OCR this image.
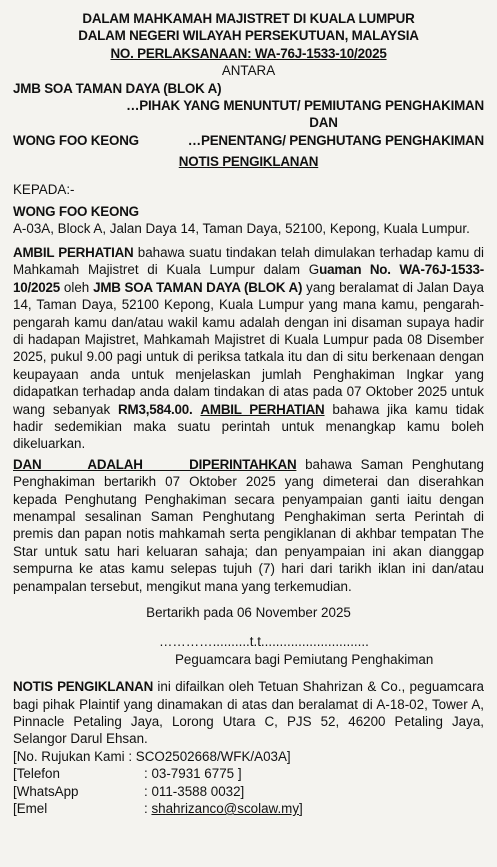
DALAM MAHKAMAH MAJISTRET DI KUALA LUMPUR
DALAM NEGERI WILAYAH PERSEKUTUAN, MALAYSIA
NO. PERLAKSANAAN: WA-76J-1533-10/2025
ANTARA
JMB SOA TAMAN DAYA (BLOK A)
…PIHAK YANG MENUNTUT/ PEMIUTANG PENGHAKIMAN
DAN
WONG FOO KEONG	…PENENTANG/ PENGHUTANG PENGHAKIMAN
NOTIS PENGIKLANAN
KEPADA:-
WONG FOO KEONG
A-03A, Block A, Jalan Daya 14, Taman Daya, 52100, Kepong, Kuala Lumpur.
AMBIL PERHATIAN bahawa suatu tindakan telah dimulakan terhadap kamu di Mahkamah Majistret di Kuala Lumpur dalam Guaman No. WA-76J-1533-10/2025 oleh JMB SOA TAMAN DAYA (BLOK A) yang beralamat di Jalan Daya 14, Taman Daya, 52100 Kepong, Kuala Lumpur yang mana kamu, pengarah-pengarah kamu dan/atau wakil kamu adalah dengan ini disaman supaya hadir di hadapan Majistret, Mahkamah Majistret di Kuala Lumpur pada 08 Disember 2025, pukul 9.00 pagi untuk di periksa tatkala itu dan di situ berkenaan dengan keupayaan anda untuk menjelaskan jumlah Penghakiman Ingkar yang didapatkan terhadap anda dalam tindakan di atas pada 07 Oktober 2025 untuk wang sebanyak RM3,584.00. AMBIL PERHATIAN bahawa jika kamu tidak hadir sedemikian maka suatu perintah untuk menangkap kamu boleh dikeluarkan.
DAN ADALAH DIPERINTAHKAN bahawa Saman Penghutang Penghakiman bertarikh 07 Oktober 2025 yang dimeterai dan diserahkan kepada Penghutang Penghakiman secara penyampaian ganti iaitu dengan menampal sesalinan Saman Penghutang Penghakiman serta Perintah di premis dan papan notis mahkamah serta pengiklanan di akhbar tempatan The Star untuk satu hari keluaran sahaja; dan penyampaian ini akan dianggap sempurna ke atas kamu selepas tujuh (7) hari dari tarikh iklan ini dan/atau penampalan tersebut, mengikut mana yang terkemudian.
Bertarikh pada 06 November 2025
…………..........t.t.............................
Peguamcara bagi Pemiutang Penghakiman
NOTIS PENGIKLANAN ini difailkan oleh Tetuan Shahrizan & Co., peguamcara bagi pihak Plaintif yang dinamakan di atas dan beralamat di A-18-02, Tower A, Pinnacle Petaling Jaya, Lorong Utara C, PJS 52, 46200 Petaling Jaya, Selangor Darul Ehsan.
[No. Rujukan Kami : SCO2502668/WFK/A03A]
[Telefon	: 03-7931 6775 ]
[WhatsApp	: 011-3588 0032]
[Emel	: shahrizanco@scolaw.my]
